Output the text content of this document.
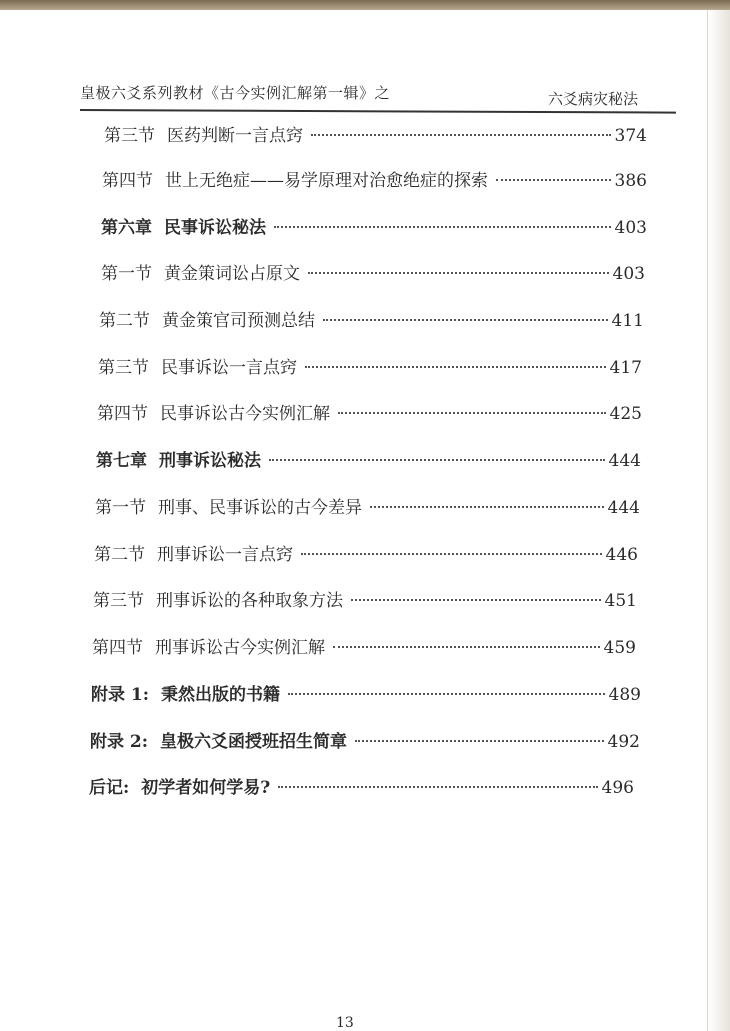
皇极六爻系列教材《古今实例汇解第一辑》之	六爻病灾秘法
第三节 医药判断一言点窍	374
第四节 世上无绝症——易学原理对治愈绝症的探索	386
第六章 民事诉讼秘法	403
第一节 黄金策词讼占原文	403
第二节 黄金策官司预测总结	411
第三节 民事诉讼一言点窍	417
第四节 民事诉讼古今实例汇解	425
第七章 刑事诉讼秘法	444
第一节 刑事、民事诉讼的古今差异	444
第二节 刑事诉讼一言点窍	446
第三节 刑事诉讼的各种取象方法	451
第四节 刑事诉讼古今实例汇解	459
附录 1: 秉然出版的书籍	489
附录 2: 皇极六爻函授班招生简章	492
后记: 初学者如何学易?	496
13
